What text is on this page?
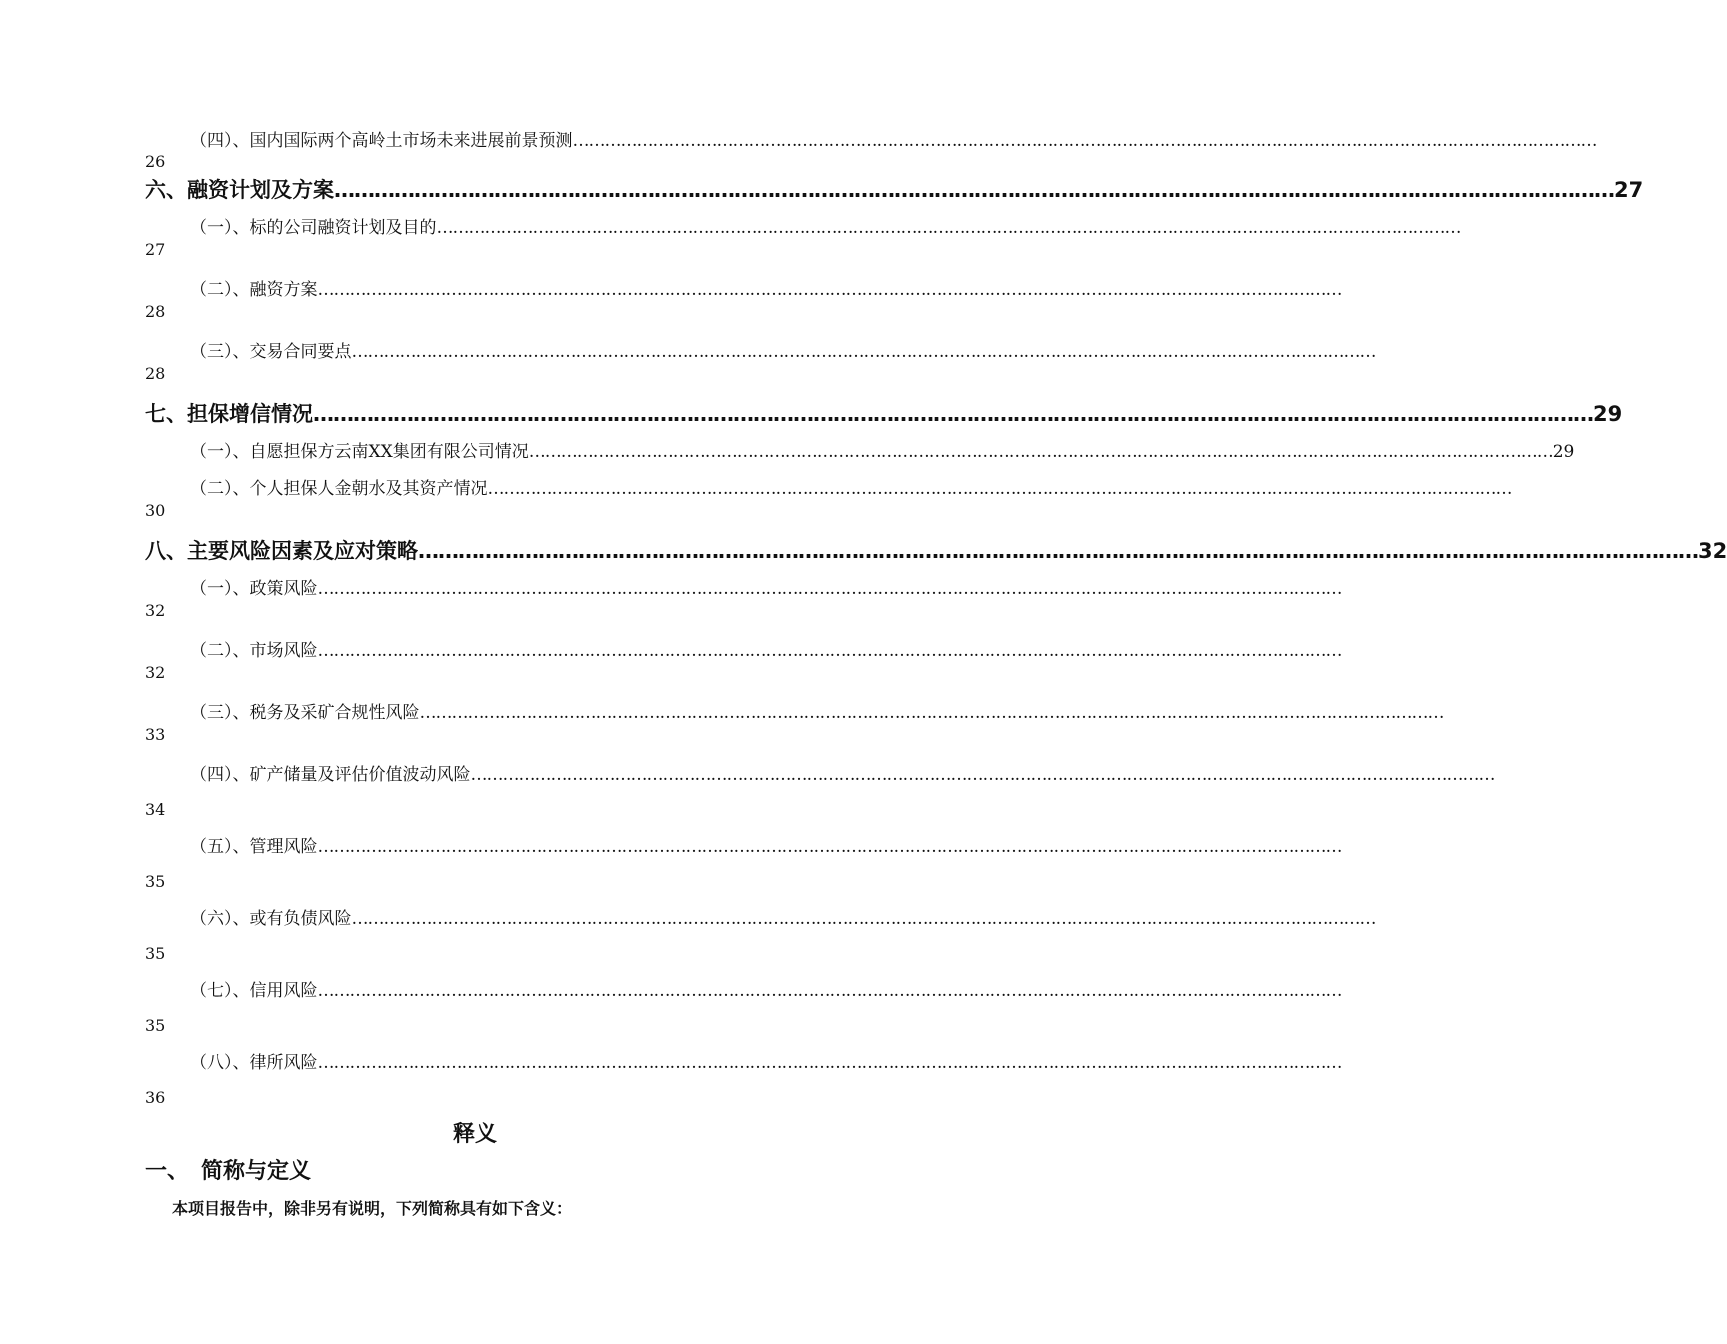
（四）、国内国际两个高岭土市场未来进展前景预测 …………………………………………………………………………………………………………………………………………………………………………
26
六、融资计划及方案 ………………………………………………………………………………………………………………………………………………………………………… 27
（一）、标的公司融资计划及目的 …………………………………………………………………………………………………………………………………………………………………………
27
（二）、融资方案 …………………………………………………………………………………………………………………………………………………………………………
28
（三）、交易合同要点 …………………………………………………………………………………………………………………………………………………………………………
28
七、担保增信情况 ………………………………………………………………………………………………………………………………………………………………………… 29
（一）、自愿担保方云南XX集团有限公司情况 ………………………………………………………………………………………………………………………………………………………………………… 29
（二）、个人担保人金朝水及其资产情况 …………………………………………………………………………………………………………………………………………………………………………
30
八、主要风险因素及应对策略 ………………………………………………………………………………………………………………………………………………………………………… 32
（一）、政策风险 …………………………………………………………………………………………………………………………………………………………………………
32
（二）、市场风险 …………………………………………………………………………………………………………………………………………………………………………
32
（三）、税务及采矿合规性风险 …………………………………………………………………………………………………………………………………………………………………………
33
（四）、矿产储量及评估价值波动风险 …………………………………………………………………………………………………………………………………………………………………………
34
（五）、管理风险 …………………………………………………………………………………………………………………………………………………………………………
35
（六）、或有负债风险 …………………………………………………………………………………………………………………………………………………………………………
35
（七）、信用风险 …………………………………………………………………………………………………………………………………………………………………………
35
（八）、律所风险 …………………………………………………………………………………………………………………………………………………………………………
36
释义
一、 简称与定义
本项目报告中，除非另有说明，下列简称具有如下含义：
